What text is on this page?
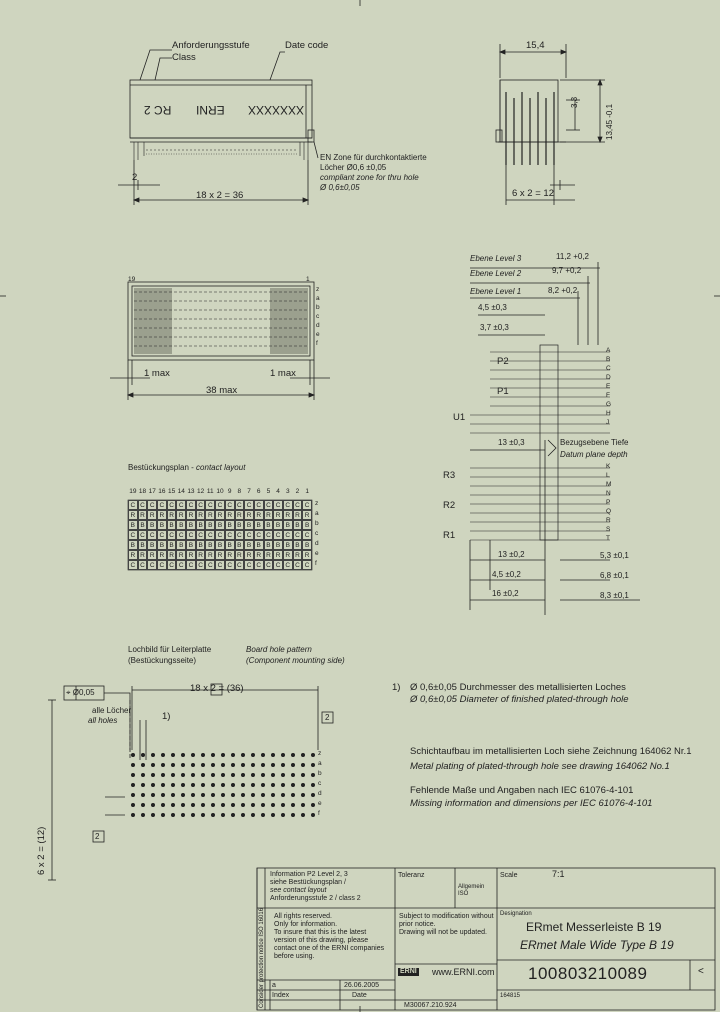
Anforderungsstufe
Class
Date code
RC 2 ERNI XXXXXXX
2
18 x 2 = 36
EN Zone für durchkontaktierte
Löcher Ø0,6 ±0,05
compliant zone for thru hole
Ø 0,6±0,05
15,4
3,3
13,45 -0,1
6 x 2 = 12
19	1
z
a
b
c
d
e
f
1 max	1 max
38 max
Ebene Level 3	11,2 +0,2
Ebene Level 2	9,7 +0,2
Ebene Level 1	8,2 +0,2
4,5 ±0,3
3,7 ±0,3
P2
P1
U1
13 ±0,3	Bezugsebene Tiefe
Datum plane depth
R3
R2
R1
A
B
C
D
E
F
G
H
J
K
L
M
N
P
Q
R
S
T
13 ±0,2
4,5 ±0,2
16 ±0,2
5,3 ±0,1
6,8 ±0,1
8,3 ±0,1
Bestückungsplan - contact layout
19 18 17 16 15 14 13 12 11 10 9 8 7 6 5 4 3 2 1
C C C C C C C C C C C C C C C C C C C
R R R R R R R R R R R R R R R R R R R
B B B B B B B B B B B B B B B B B B B
C C C C C C C C C C C C C C C C C C C
B B B B B B B B B B B B B B B B B B B
R R R R R R R R R R R R R R R R R R R
C C C C C C C C C C C C C C C C C C C
z
a
b
c
d
e
f
Lochbild für Leiterplatte
(Bestückungsseite)
Board hole pattern
(Component mounting side)
⌖ Ø0,05
alle Löcher
all holes
18 x 2 = (36)
1)	2
2
6 x 2 = (12)
z
a
b
c
d
e
f
1) Ø 0,6±0,05 Durchmesser des metallisierten Loches
Ø 0,6±0,05 Diameter of finished plated-through hole
Schichtaufbau im metallisierten Loch siehe Zeichnung 164062 Nr.1
Metal plating of plated-through hole see drawing 164062 No.1
Fehlende Maße und Angaben nach IEC 61076-4-101
Missing information and dimensions per IEC 61076-4-101
Information P2 Level 2, 3
siehe Bestückungsplan /
see contact layout
Anforderungsstufe 2 / class 2
Toleranz
Allgemein
ISO
Scale	7:1
All rights reserved.
Only for information.
To insure that this is the latest
version of this drawing, please
contact one of the ERNI companies
before using.
Subject to modification without
prior notice.
Drawing will not be updated.
Designation
ERmet Messerleiste B 19
ERmet Male Wide Type B 19
ERNI www.ERNI.com 100803210089	<
a	26.06.2005
Index	Date
M30067.210.924
164815
Consider protection notice ISO 16016
